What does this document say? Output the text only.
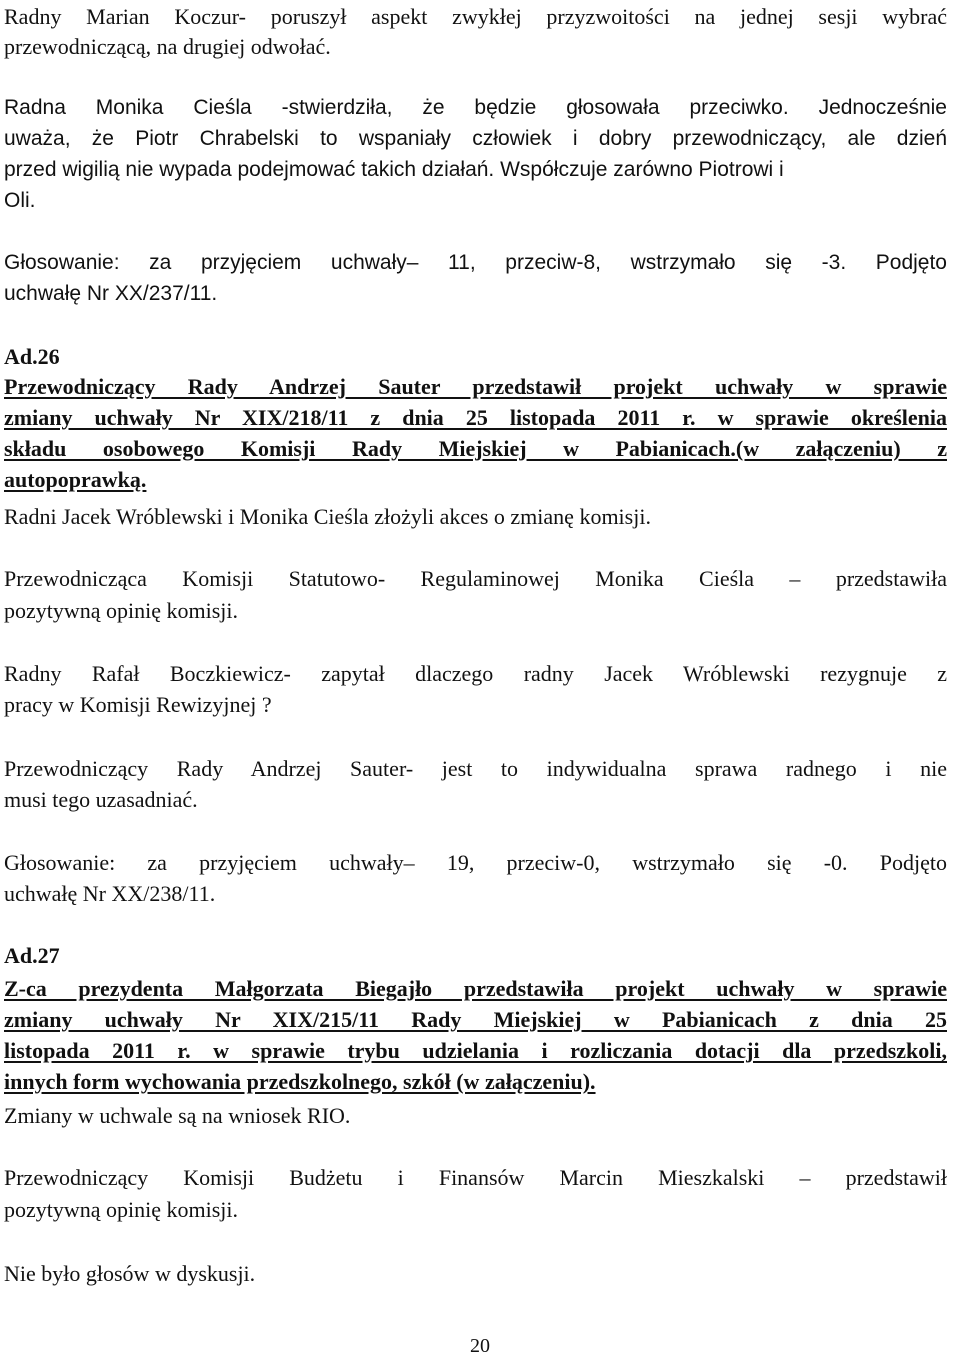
Radny Marian Koczur- poruszył aspekt zwykłej przyzwoitości na jednej sesji wybrać
przewodniczącą, na drugiej odwołać.
Radna Monika Cieśla -stwierdziła, że będzie głosowała przeciwko. Jednocześnie
uważa, że Piotr Chrabelski to wspaniały człowiek i dobry przewodniczący, ale dzień
przed wigilią nie wypada podejmować takich działań. Współczuje zarówno Piotrowi i
Oli.
Głosowanie: za przyjęciem uchwały– 11, przeciw-8, wstrzymało się -3. Podjęto
uchwałę Nr XX/237/11.
Ad.26
Przewodniczący Rady Andrzej Sauter przedstawił projekt uchwały w sprawie
zmiany uchwały Nr XIX/218/11 z dnia 25 listopada 2011 r. w sprawie określenia
składu osobowego Komisji Rady Miejskiej w Pabianicach.(w załączeniu) z
autopoprawką.
Radni Jacek Wróblewski i Monika Cieśla złożyli akces o zmianę komisji.
Przewodnicząca Komisji Statutowo- Regulaminowej Monika Cieśla – przedstawiła
pozytywną opinię komisji.
Radny Rafał Boczkiewicz- zapytał dlaczego radny Jacek Wróblewski rezygnuje z
pracy w Komisji Rewizyjnej ?
Przewodniczący Rady Andrzej Sauter- jest to indywidualna sprawa radnego i nie
musi tego uzasadniać.
Głosowanie: za przyjęciem uchwały– 19, przeciw-0, wstrzymało się -0. Podjęto
uchwałę Nr XX/238/11.
Ad.27
Z-ca prezydenta Małgorzata Biegajło przedstawiła projekt uchwały w sprawie
zmiany uchwały Nr XIX/215/11 Rady Miejskiej w Pabianicach z dnia 25
listopada 2011 r. w sprawie trybu udzielania i rozliczania dotacji dla przedszkoli,
innych form wychowania przedszkolnego, szkół (w załączeniu).
Zmiany w uchwale są na wniosek RIO.
Przewodniczący Komisji Budżetu i Finansów Marcin Mieszkalski – przedstawił
pozytywną opinię komisji.
Nie było głosów w dyskusji.
20
